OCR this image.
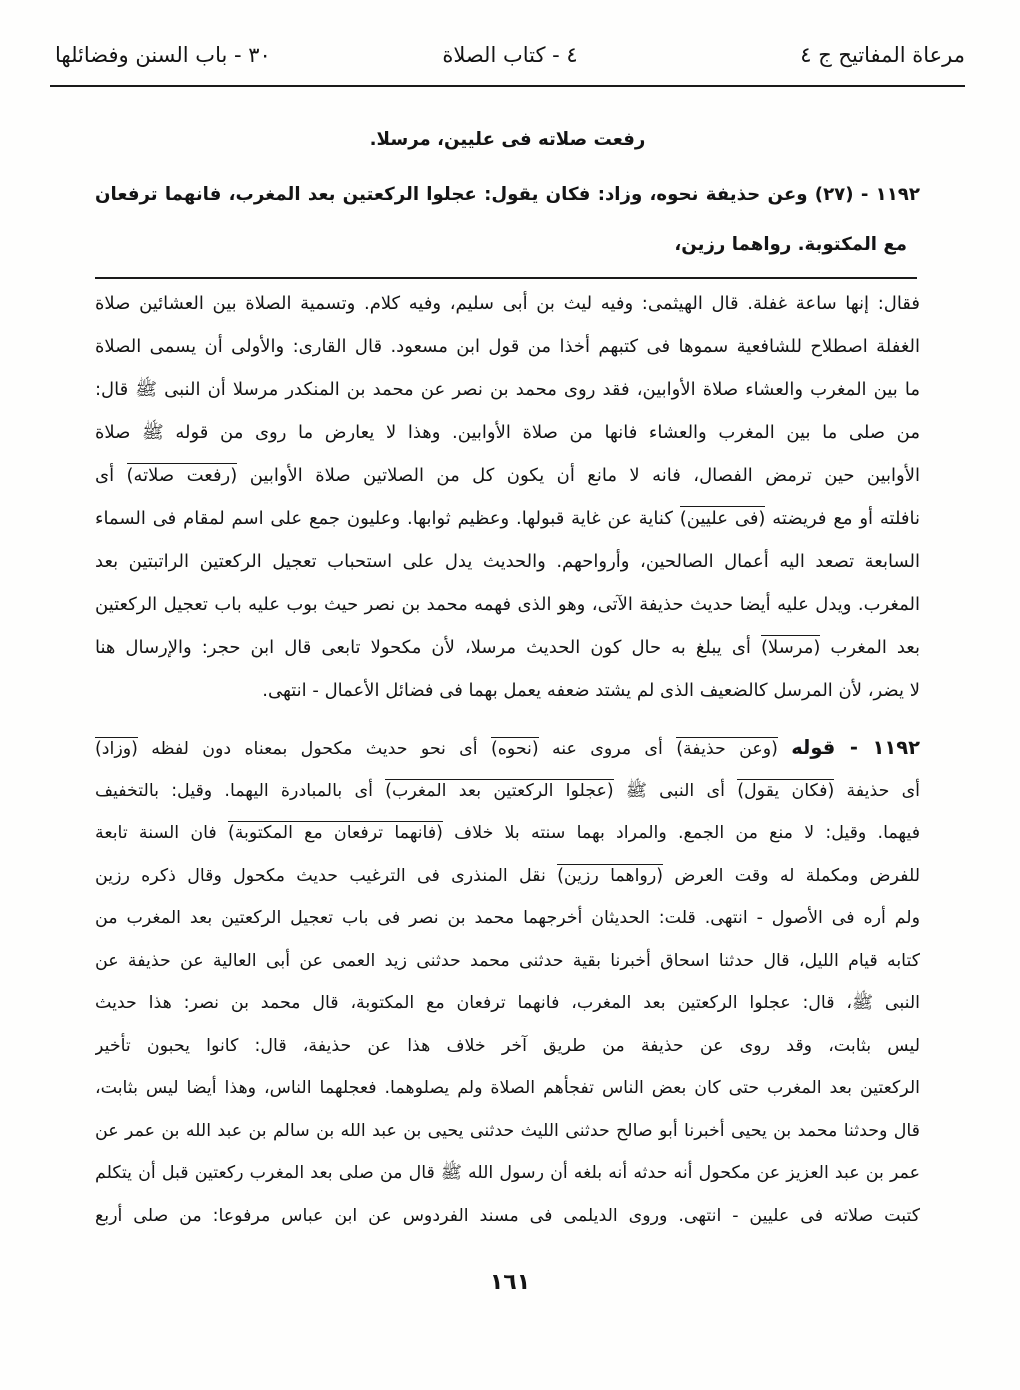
مرعاة المفاتيح ج ٤
٤ - كتاب الصلاة
٣٠ - باب السنن وفضائلها
رفعت صلاته فى عليين، مرسلا.
١١٩٢ - (٢٧) وعن حذيفة نحوه، وزاد: فكان يقول: عجلوا الركعتين بعد المغرب، فانهما ترفعان
مع المكتوبة. رواهما رزين،
فقال: إنها ساعة غفلة. قال الهيثمى: وفيه ليث بن أبى سليم، وفيه كلام. وتسمية الصلاة بين العشائين صلاة
الغفلة اصطلاح للشافعية سموها فى كتبهم أخذا من قول ابن مسعود. قال القارى: والأولى أن يسمى الصلاة
ما بين المغرب والعشاء صلاة الأوابين، فقد روى محمد بن نصر عن محمد بن المنكدر مرسلا أن النبى ﷺ قال:
من صلى ما بين المغرب والعشاء فانها من صلاة الأوابين. وهذا لا يعارض ما روى من قوله ﷺ صلاة
الأوابين حين ترمض الفصال، فانه لا مانع أن يكون كل من الصلاتين صلاة الأوابين (رفعت صلاته) أى
نافلته أو مع فريضته (فى عليين) كناية عن غاية قبولها. وعظيم ثوابها. وعليون جمع على اسم لمقام فى السماء
السابعة تصعد اليه أعمال الصالحين، وأرواحهم. والحديث يدل على استحباب تعجيل الركعتين الراتبتين بعد
المغرب. ويدل عليه أيضا حديث حذيفة الآتى، وهو الذى فهمه محمد بن نصر حيث بوب عليه باب تعجيل الركعتين
بعد المغرب (مرسلا) أى يبلغ به حال كون الحديث مرسلا، لأن مكحولا تابعى قال ابن حجر: والإرسال هنا
لا يضر، لأن المرسل كالضعيف الذى لم يشتد ضعفه يعمل بهما فى فضائل الأعمال - انتهى.
١١٩٢ - قوله (وعن حذيفة) أى مروى عنه (نحوه) أى نحو حديث مكحول بمعناه دون لفظه (وزاد)
أى حذيفة (فكان يقول) أى النبى ﷺ (عجلوا الركعتين بعد المغرب) أى بالمبادرة اليهما. وقيل: بالتخفيف
فيهما. وقيل: لا منع من الجمع. والمراد بهما سنته بلا خلاف (فانهما ترفعان مع المكتوبة) فان السنة تابعة
للفرض ومكملة له وقت العرض (رواهما رزين) نقل المنذرى فى الترغيب حديث مكحول وقال ذكره رزين
ولم أره فى الأصول - انتهى. قلت: الحديثان أخرجهما محمد بن نصر فى باب تعجيل الركعتين بعد المغرب من
كتابه قيام الليل، قال حدثنا اسحاق أخبرنا بقية حدثنى محمد حدثنى زيد العمى عن أبى العالية عن حذيفة عن
النبى ﷺ، قال: عجلوا الركعتين بعد المغرب، فانهما ترفعان مع المكتوبة، قال محمد بن نصر: هذا حديث
ليس بثابت، وقد روى عن حذيفة من طريق آخر خلاف هذا عن حذيفة، قال: كانوا يحبون تأخير
الركعتين بعد المغرب حتى كان بعض الناس تفجأهم الصلاة ولم يصلوهما. فعجلهما الناس، وهذا أيضا ليس بثابت،
قال وحدثنا محمد بن يحيى أخبرنا أبو صالح حدثنى الليث حدثنى يحيى بن عبد الله بن سالم بن عبد الله بن عمر عن
عمر بن عبد العزيز عن مكحول أنه حدثه أنه بلغه أن رسول الله ﷺ قال من صلى بعد المغرب ركعتين قبل أن يتكلم
كتبت صلاته فى عليين - انتهى. وروى الديلمى فى مسند الفردوس عن ابن عباس مرفوعا: من صلى أربع
١٦١
